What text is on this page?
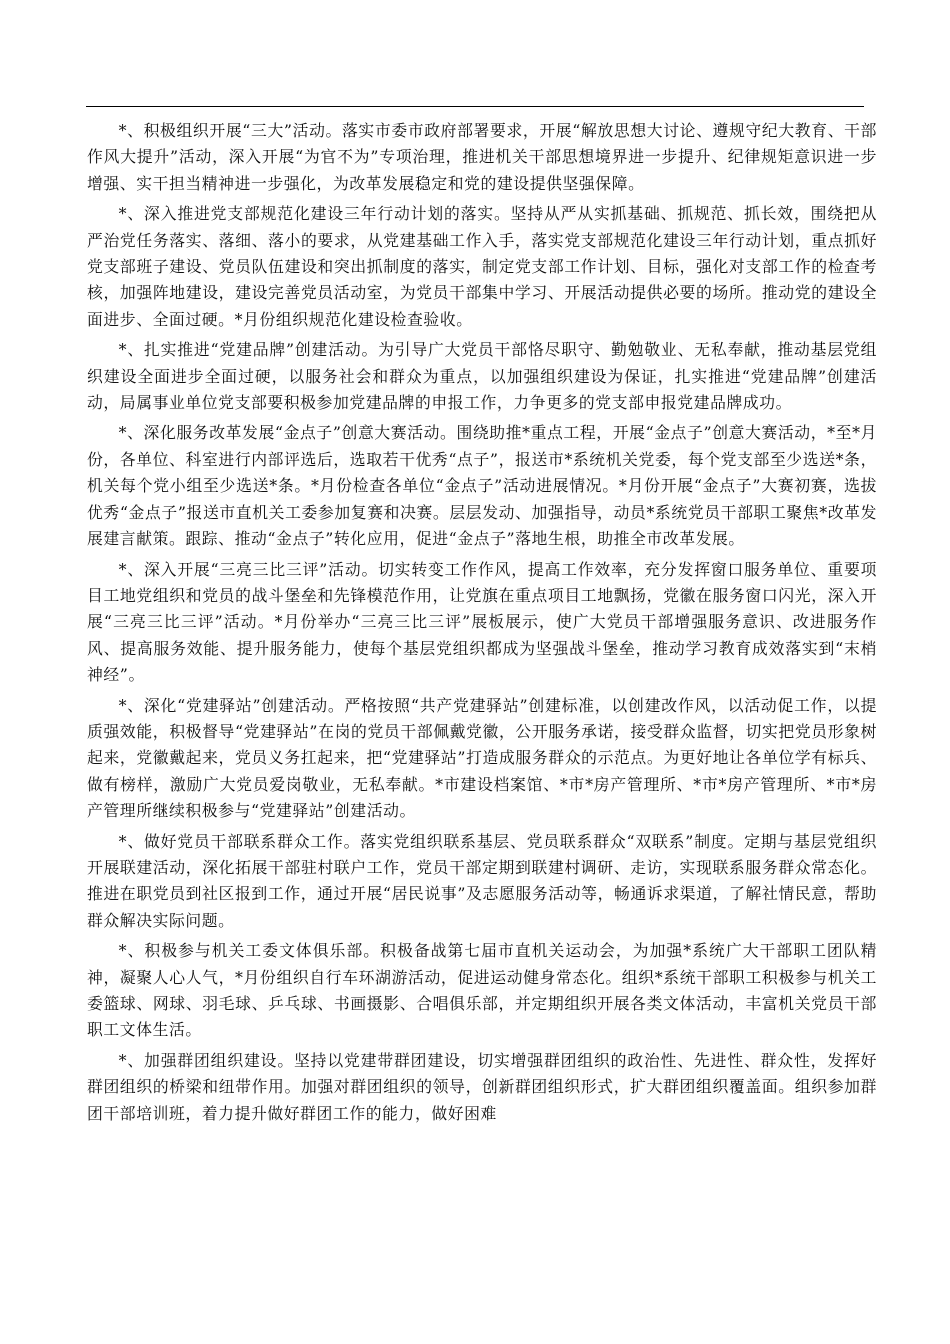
*、积极组织开展“三大”活动。落实市委市政府部署要求，开展“解放思想大讨论、遵规守纪大教育、干部作风大提升”活动，深入开展“为官不为”专项治理，推进机关干部思想境界进一步提升、纪律规矩意识进一步增强、实干担当精神进一步强化，为改革发展稳定和党的建设提供坚强保障。

*、深入推进党支部规范化建设三年行动计划的落实。坚持从严从实抓基础、抓规范、抓长效，围绕把从严治党任务落实、落细、落小的要求，从党建基础工作入手，落实党支部规范化建设三年行动计划，重点抓好党支部班子建设、党员队伍建设和突出抓制度的落实，制定党支部工作计划、目标，强化对支部工作的检查考核，加强阵地建设，建设完善党员活动室，为党员干部集中学习、开展活动提供必要的场所。推动党的建设全面进步、全面过硬。*月份组织规范化建设检查验收。

*、扎实推进“党建品牌”创建活动。为引导广大党员干部恪尽职守、勤勉敬业、无私奉献，推动基层党组织建设全面进步全面过硬，以服务社会和群众为重点，以加强组织建设为保证，扎实推进“党建品牌”创建活动，局属事业单位党支部要积极参加党建品牌的申报工作，力争更多的党支部申报党建品牌成功。

*、深化服务改革发展“金点子”创意大赛活动。围绕助推*重点工程，开展“金点子”创意大赛活动，*至*月份，各单位、科室进行内部评选后，选取若干优秀“点子”，报送市*系统机关党委，每个党支部至少选送*条，机关每个党小组至少选送*条。*月份检查各单位“金点子”活动进展情况。*月份开展“金点子”大赛初赛，选拔优秀“金点子”报送市直机关工委参加复赛和决赛。层层发动、加强指导，动员*系统党员干部职工聚焦*改革发展建言献策。跟踪、推动“金点子”转化应用，促进“金点子”落地生根，助推全市改革发展。

*、深入开展“三亮三比三评”活动。切实转变工作作风，提高工作效率，充分发挥窗口服务单位、重要项目工地党组织和党员的战斗堡垒和先锋模范作用，让党旗在重点项目工地飘扬，党徽在服务窗口闪光，深入开展“三亮三比三评”活动。*月份举办“三亮三比三评”展板展示，使广大党员干部增强服务意识、改进服务作风、提高服务效能、提升服务能力，使每个基层党组织都成为坚强战斗堡垒，推动学习教育成效落实到“末梢神经”。

*、深化“党建驿站”创建活动。严格按照“共产党建驿站”创建标准，以创建改作风，以活动促工作，以提质强效能，积极督导“党建驿站”在岗的党员干部佩戴党徽，公开服务承诺，接受群众监督，切实把党员形象树起来，党徽戴起来，党员义务扛起来，把“党建驿站”打造成服务群众的示范点。为更好地让各单位学有标兵、做有榜样，激励广大党员爱岗敬业，无私奉献。*市建设档案馆、*市*房产管理所、*市*房产管理所、*市*房产管理所继续积极参与“党建驿站”创建活动。

*、做好党员干部联系群众工作。落实党组织联系基层、党员联系群众“双联系”制度。定期与基层党组织开展联建活动，深化拓展干部驻村联户工作，党员干部定期到联建村调研、走访，实现联系服务群众常态化。推进在职党员到社区报到工作，通过开展“居民说事”及志愿服务活动等，畅通诉求渠道，了解社情民意，帮助群众解决实际问题。

*、积极参与机关工委文体俱乐部。积极备战第七届市直机关运动会，为加强*系统广大干部职工团队精神，凝聚人心人气，*月份组织自行车环湖游活动，促进运动健身常态化。组织*系统干部职工积极参与机关工委篮球、网球、羽毛球、乒乓球、书画摄影、合唱俱乐部，并定期组织开展各类文体活动，丰富机关党员干部职工文体生活。

*、加强群团组织建设。坚持以党建带群团建设，切实增强群团组织的政治性、先进性、群众性，发挥好群团组织的桥梁和纽带作用。加强对群团组织的领导，创新群团组织形式，扩大群团组织覆盖面。组织参加群团干部培训班，着力提升做好群团工作的能力，做好困难
